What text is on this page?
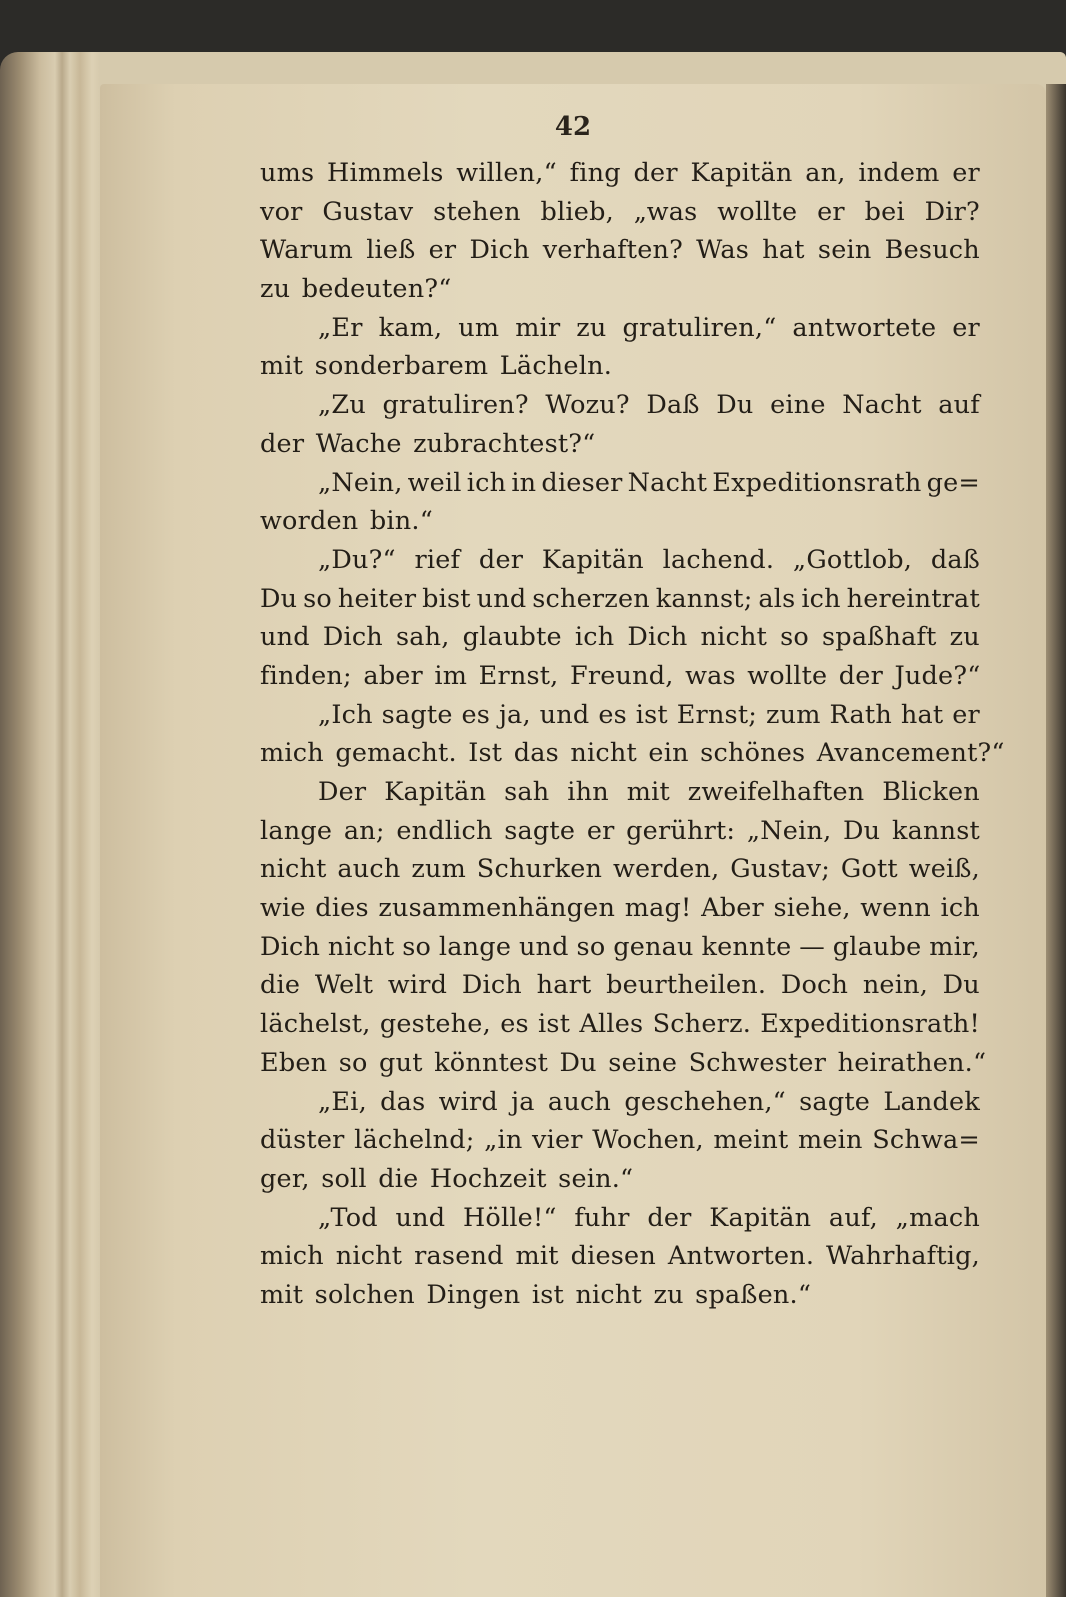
42
ums Himmels willen,“ fing der Kapitän an, indem er
vor Gustav stehen blieb, „was wollte er bei Dir?
Warum ließ er Dich verhaften? Was hat sein Besuch
zu bedeuten?“
„Er kam, um mir zu gratuliren,“ antwortete er
mit sonderbarem Lächeln.
„Zu gratuliren? Wozu? Daß Du eine Nacht auf
der Wache zubrachtest?“
„Nein, weil ich in dieser Nacht Expeditionsrath ge=
worden bin.“
„Du?“ rief der Kapitän lachend. „Gottlob, daß
Du so heiter bist und scherzen kannst; als ich hereintrat
und Dich sah, glaubte ich Dich nicht so spaßhaft zu
finden; aber im Ernst, Freund, was wollte der Jude?“
„Ich sagte es ja, und es ist Ernst; zum Rath hat er
mich gemacht. Ist das nicht ein schönes Avancement?“
Der Kapitän sah ihn mit zweifelhaften Blicken
lange an; endlich sagte er gerührt: „Nein, Du kannst
nicht auch zum Schurken werden, Gustav; Gott weiß,
wie dies zusammenhängen mag! Aber siehe, wenn ich
Dich nicht so lange und so genau kennte — glaube mir,
die Welt wird Dich hart beurtheilen. Doch nein, Du
lächelst, gestehe, es ist Alles Scherz. Expeditionsrath!
Eben so gut könntest Du seine Schwester heirathen.“
„Ei, das wird ja auch geschehen,“ sagte Landek
düster lächelnd; „in vier Wochen, meint mein Schwa=
ger, soll die Hochzeit sein.“
„Tod und Hölle!“ fuhr der Kapitän auf, „mach
mich nicht rasend mit diesen Antworten. Wahrhaftig,
mit solchen Dingen ist nicht zu spaßen.“
